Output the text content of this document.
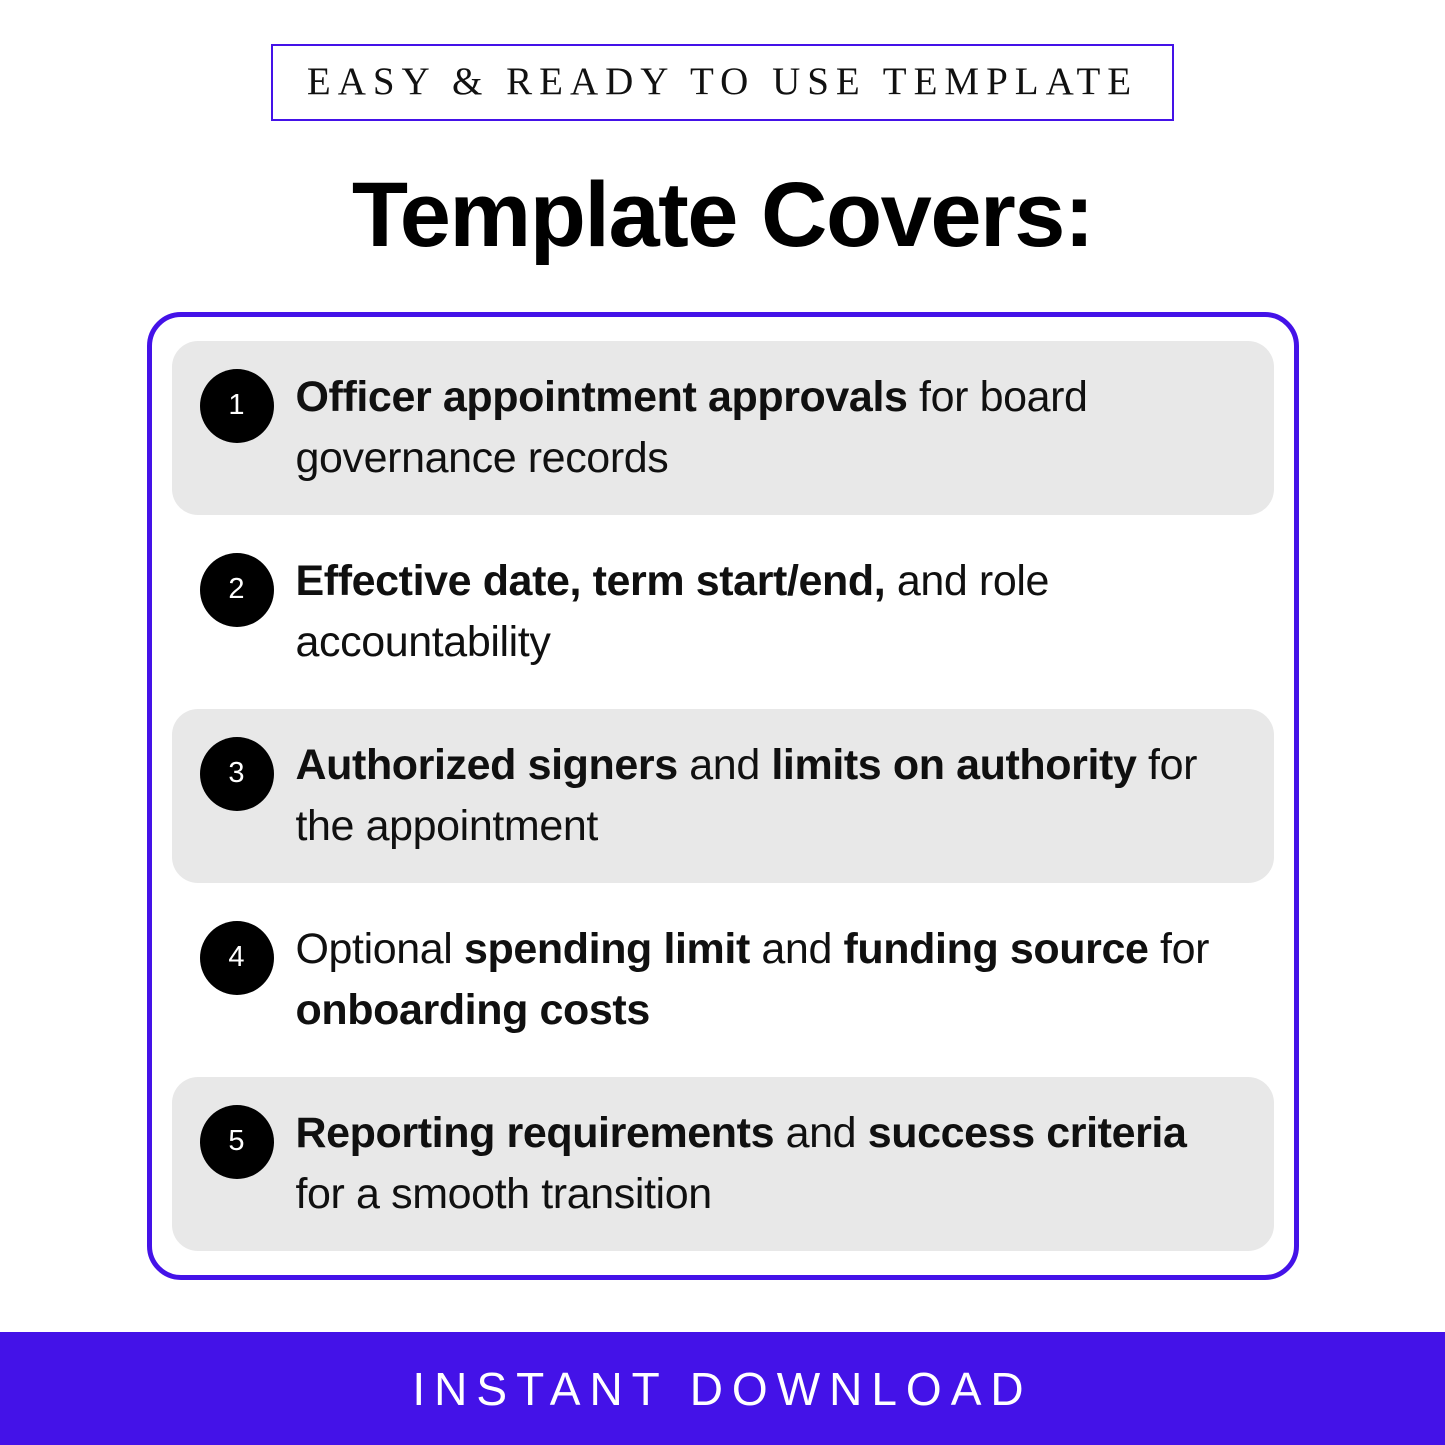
EASY & READY TO USE TEMPLATE
Template Covers:
1	Officer appointment approvals for board governance records
2	Effective date, term start/end, and role accountability
3	Authorized signers and limits on authority for the appointment
4	Optional spending limit and funding source for onboarding costs
5	Reporting requirements and success criteria for a smooth transition
INSTANT DOWNLOAD
